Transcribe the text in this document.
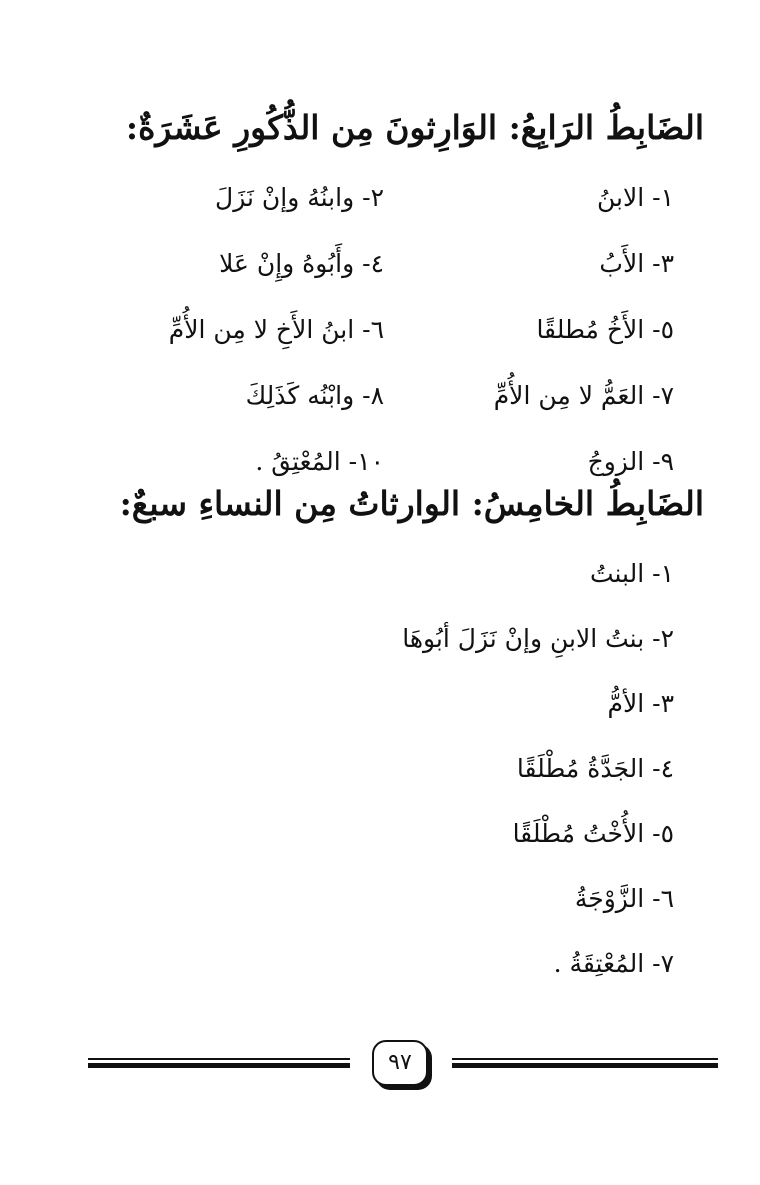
الضَابِطُ الرَابِعُ: الوَارِثونَ مِن الذُّكُورِ عَشَرَةٌ:
١- الابنُ
٢- وابنُهُ وإنْ نَزَلَ
٣- الأَبُ
٤- وأَبُوهُ وإِنْ عَلا
٥- الأَخُ مُطلقًا
٦- ابنُ الأَخِ لا مِن الأُمِّ
٧- العَمُّ لا مِن الأُمِّ
٨- وابْنُه كَذَلِكَ
٩- الزوجُ
١٠- المُعْتِقُ .
الضَابِطُ الخامِسُ: الوارثاتُ مِن النساءِ سبعٌ:
١- البنتُ
٢- بنتُ الابنِ وإنْ نَزَلَ أبُوهَا
٣- الأمُّ
٤- الجَدَّةُ مُطْلَقًا
٥- الأُخْتُ مُطْلَقًا
٦- الزَّوْجَةُ
٧- المُعْتِقَةُ .
٩٧
